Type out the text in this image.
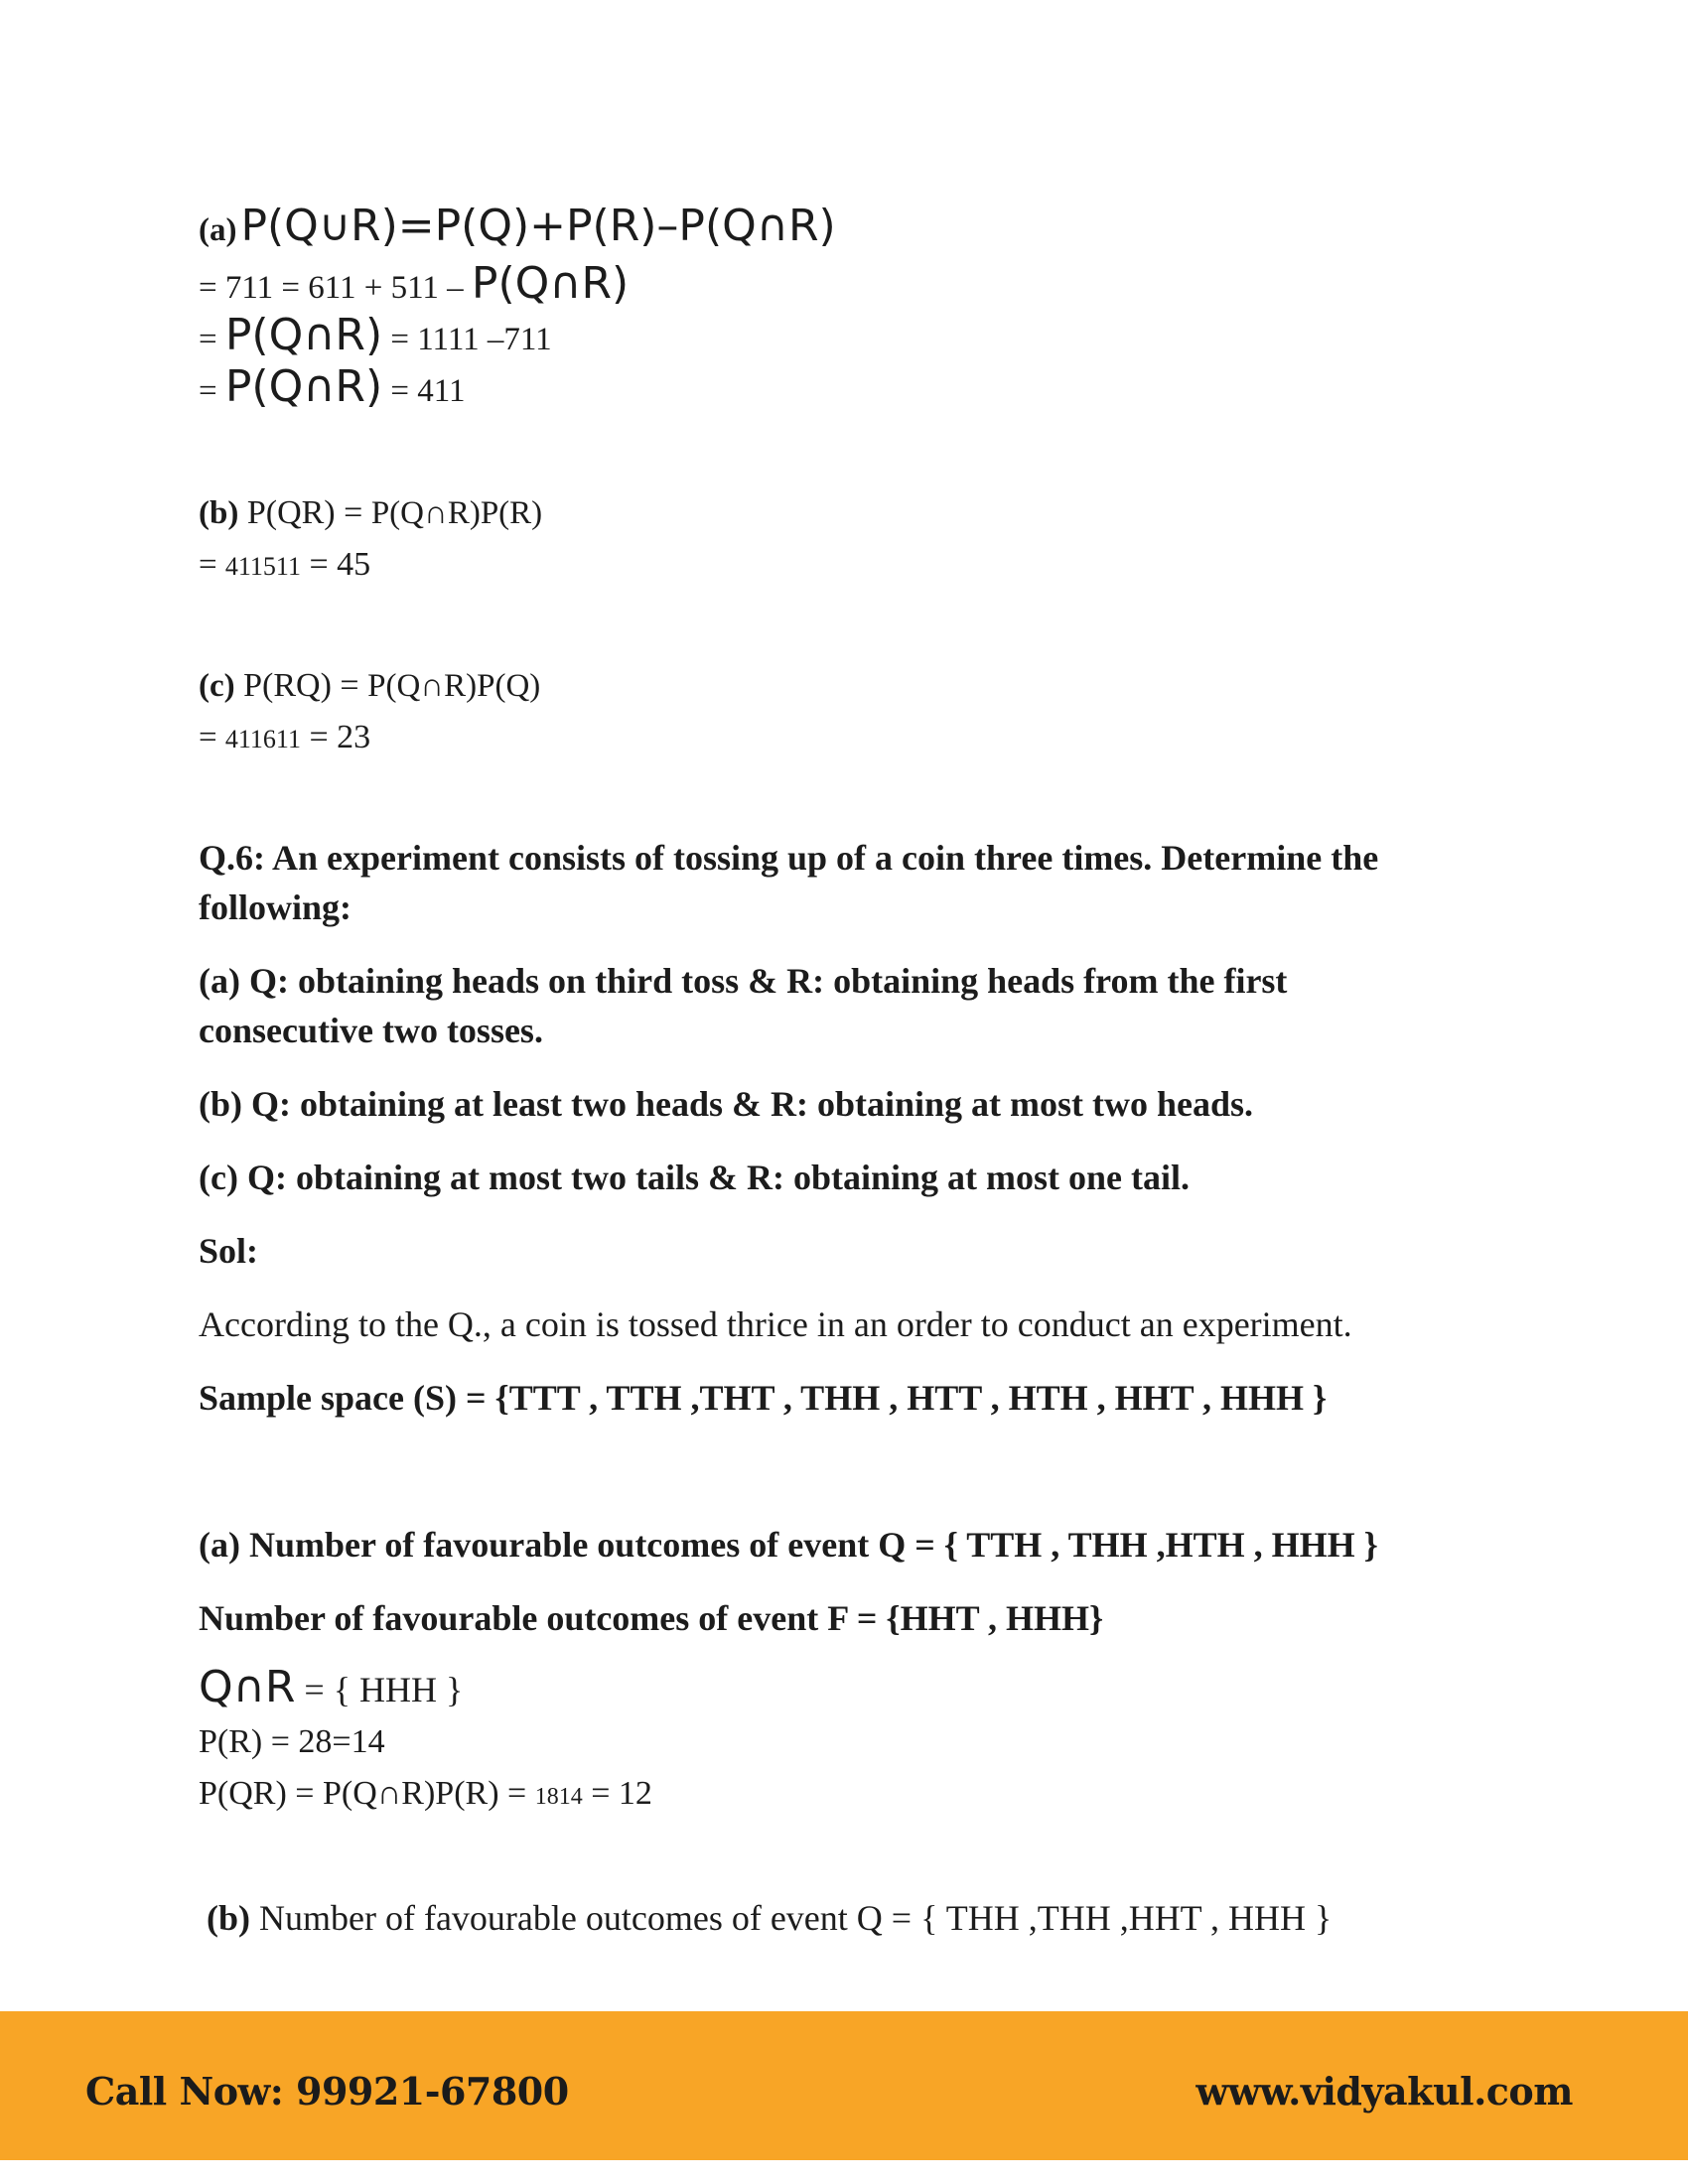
(a) P(Q∪R)=P(Q)+P(R)–P(Q∩R)
= 711 = 611 + 511 – P(Q∩R)
= P(Q∩R) = 1111 –711
= P(Q∩R) = 411
(b) P(QR) = P(Q∩R)P(R)
= 411511 = 45
(c) P(RQ) = P(Q∩R)P(Q)
= 411611 = 23
Q.6: An experiment consists of tossing up of a coin three times. Determine the
following:
(a) Q: obtaining heads on third toss & R: obtaining heads from the first
consecutive two tosses.
(b) Q: obtaining at least two heads & R: obtaining at most two heads.
(c) Q: obtaining at most two tails & R: obtaining at most one tail.
Sol:
According to the Q., a coin is tossed thrice in an order to conduct an experiment.
Sample space (S) = {TTT , TTH ,THT , THH , HTT , HTH , HHT , HHH }
(a) Number of favourable outcomes of event Q = { TTH , THH ,HTH , HHH }
Number of favourable outcomes of event F = {HHT , HHH}
Q∩R = { HHH }
P(R) = 28=14
P(QR) = P(Q∩R)P(R) = 1814 = 12
(b) Number of favourable outcomes of event Q = { THH ,THH ,HHT , HHH }
Call Now: 99921-67800	www.vidyakul.com
